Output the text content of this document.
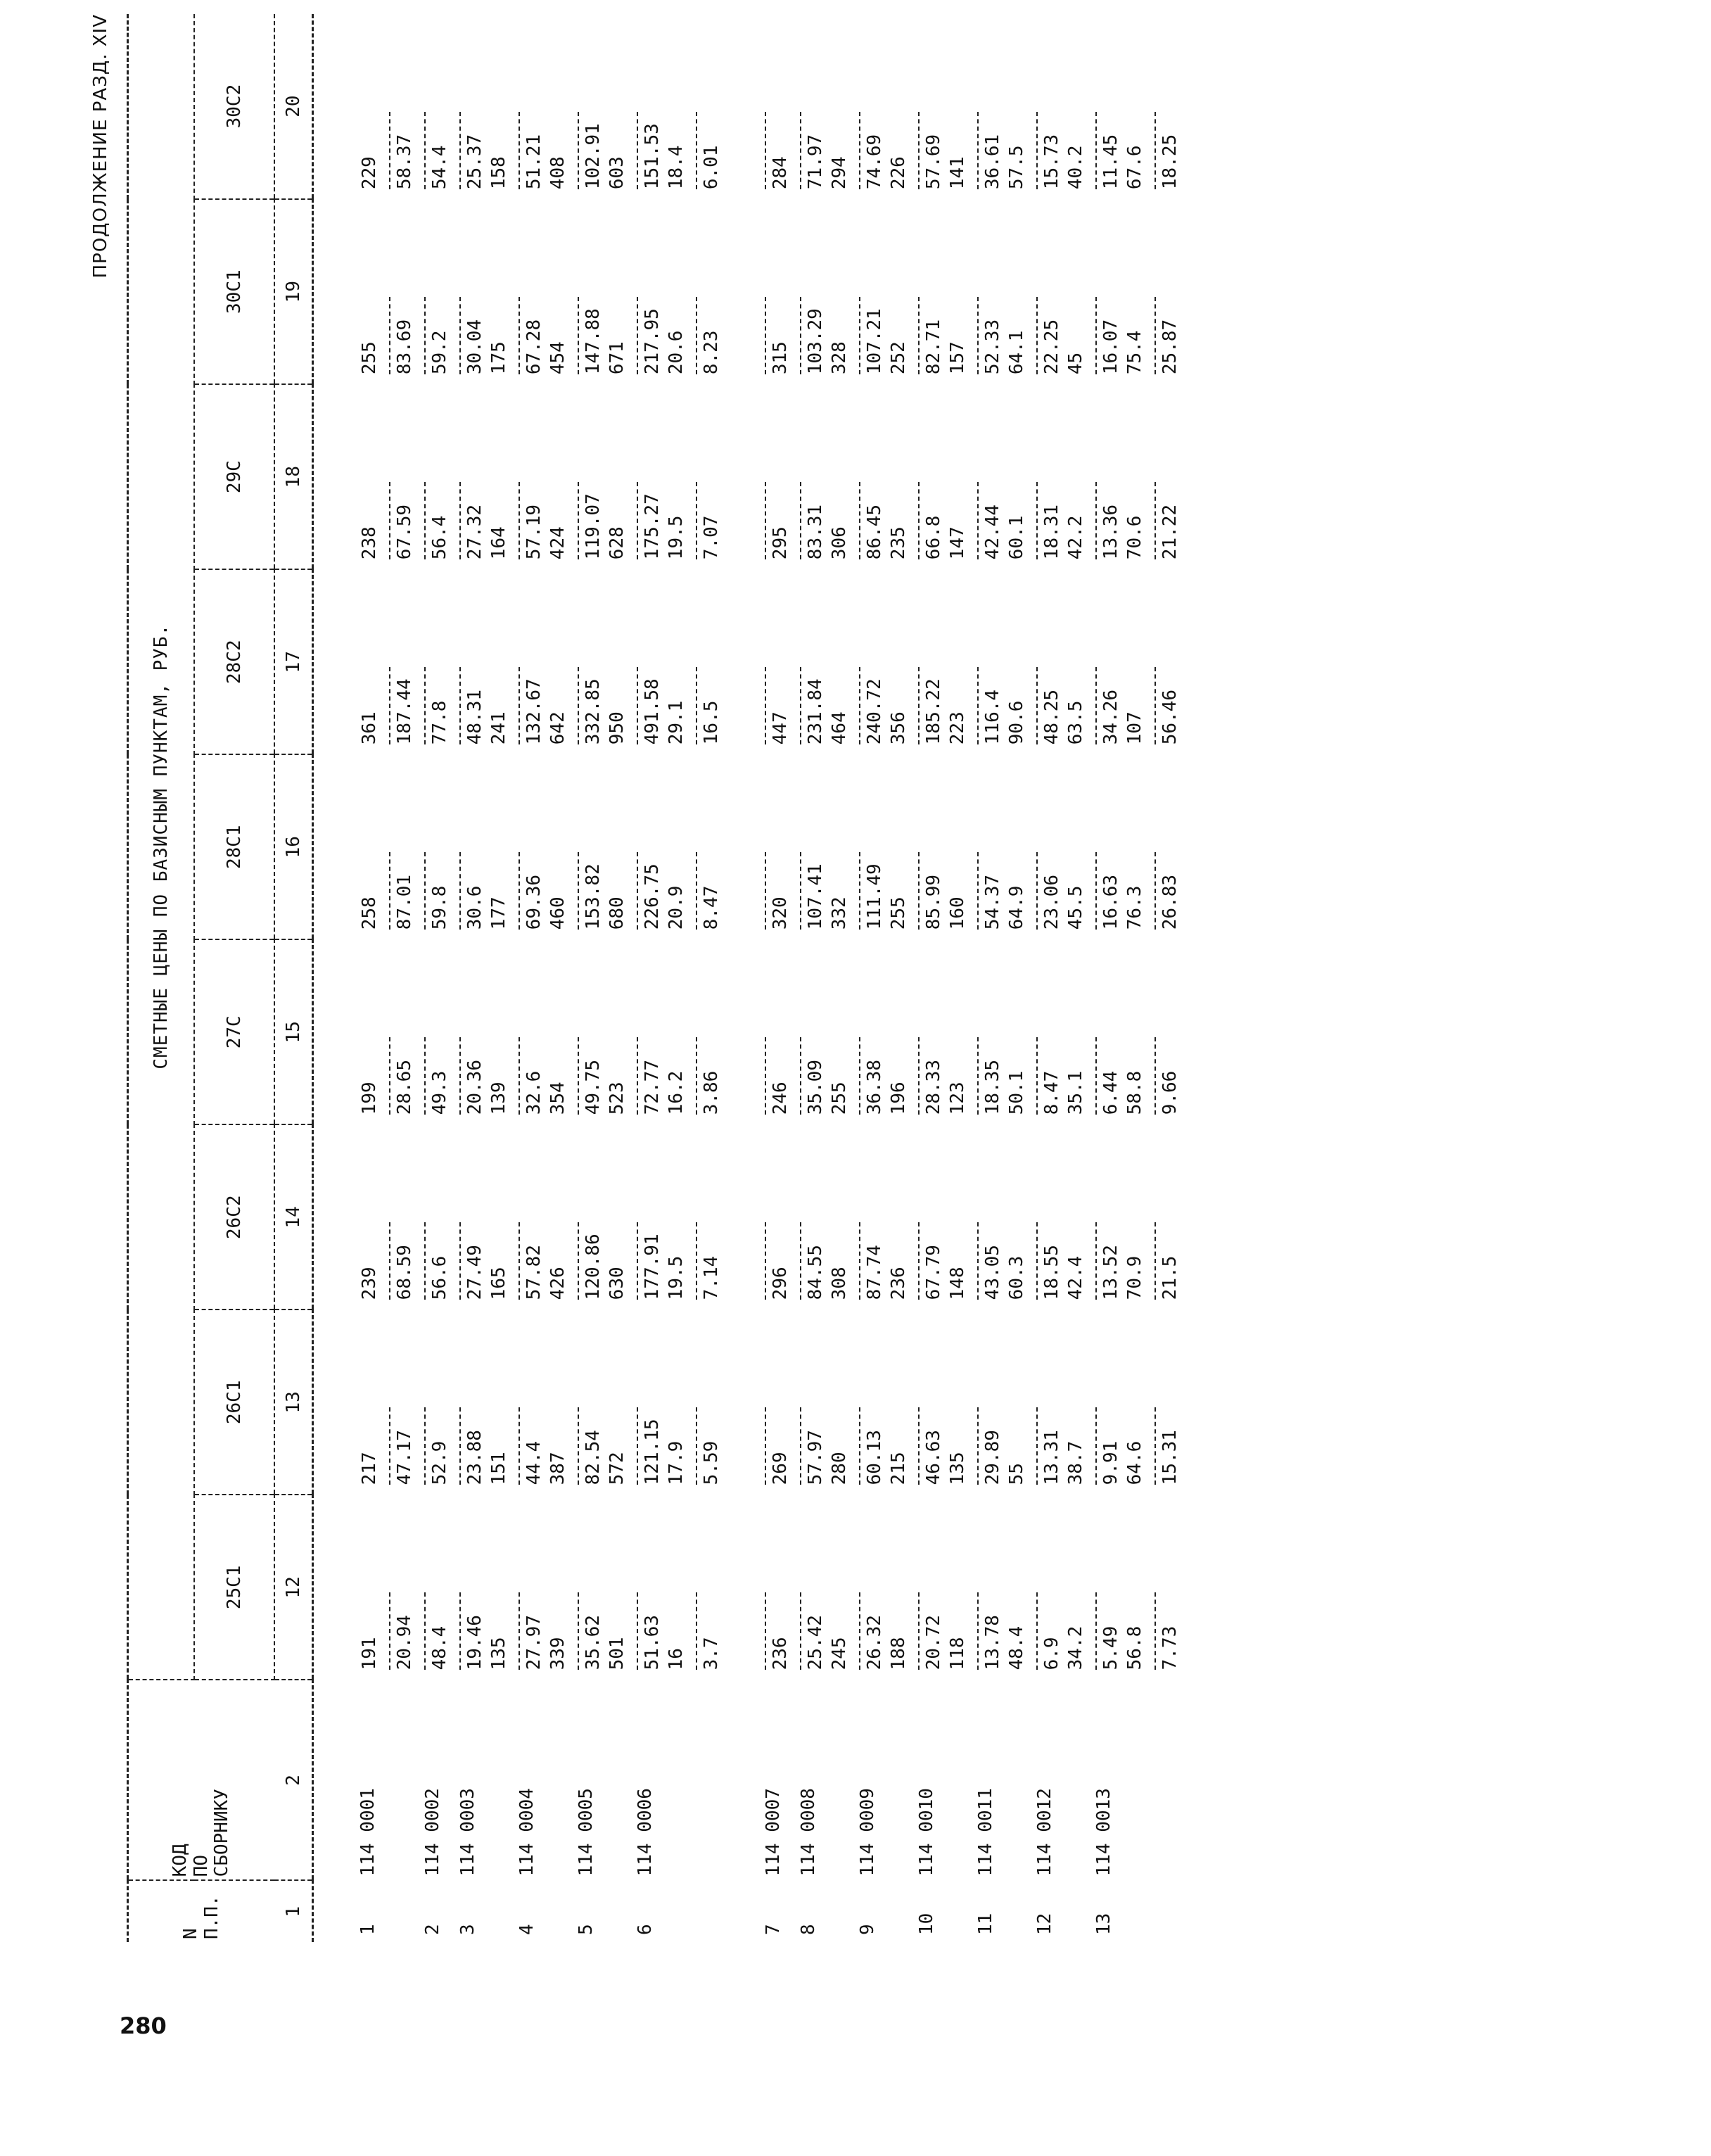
ПРОДОЛЖЕНИЕ РАЗД. XIV
N
П.П.	КОД
ПО
СБОРНИКУ	СМЕТНЫЕ ЦЕНЫ ПО БАЗИСНЫМ ПУНКТАМ, РУБ.								
		25С1	26С1	26С2	27С	28С1	28С2	29С	30С1	30С2
1	2	12	13	14	15	16	17	18	19	20

1	114 0001	191	217	239	199	258	361	238	255	229

		20.94	47.17	68.59	28.65	87.01	187.44	67.59	83.69	58.37

2	114 0002	48.4	52.9	56.6	49.3	59.8	77.8	56.4	59.2	54.4

3	114 0003	19.46 135	23.88 151	27.49 165	20.36 139	30.6 177	48.31 241	27.32 164	30.04 175	25.37 158

4	114 0004	27.97 339	44.4 387	57.82 426	32.6 354	69.36 460	132.67 642	57.19 424	67.28 454	51.21 408

5	114 0005	35.62 501	82.54 572	120.86 630	49.75 523	153.82 680	332.85 950	119.07 628	147.88 671	102.91 603

6	114 0006	51.63 16	121.15 17.9	177.91 19.5	72.77 16.2	226.75 20.9	491.58 29.1	175.27 19.5	217.95 20.6	151.53 18.4

		3.7	5.59	7.14	3.86	8.47	16.5	7.07	8.23	6.01

7	114 0007	236	269	296	246	320	447	295	315	284

8	114 0008	25.42 245	57.97 280	84.55 308	35.09 255	107.41 332	231.84 464	83.31 306	103.29 328	71.97 294

9	114 0009	26.32 188	60.13 215	87.74 236	36.38 196	111.49 255	240.72 356	86.45 235	107.21 252	74.69 226

10	114 0010	20.72 118	46.63 135	67.79 148	28.33 123	85.99 160	185.22 223	66.8 147	82.71 157	57.69 141

11	114 0011	13.78 48.4	29.89 55	43.05 60.3	18.35 50.1	54.37 64.9	116.4 90.6	42.44 60.1	52.33 64.1	36.61 57.5

12	114 0012	6.9 34.2	13.31 38.7	18.55 42.4	8.47 35.1	23.06 45.5	48.25 63.5	18.31 42.2	22.25 45	15.73 40.2

13	114 0013	5.49 56.8	9.91 64.6	13.52 70.9	6.44 58.8	16.63 76.3	34.26 107	13.36 70.6	16.07 75.4	11.45 67.6

		7.73	15.31	21.5	9.66	26.83	56.46	21.22	25.87	18.25
280
